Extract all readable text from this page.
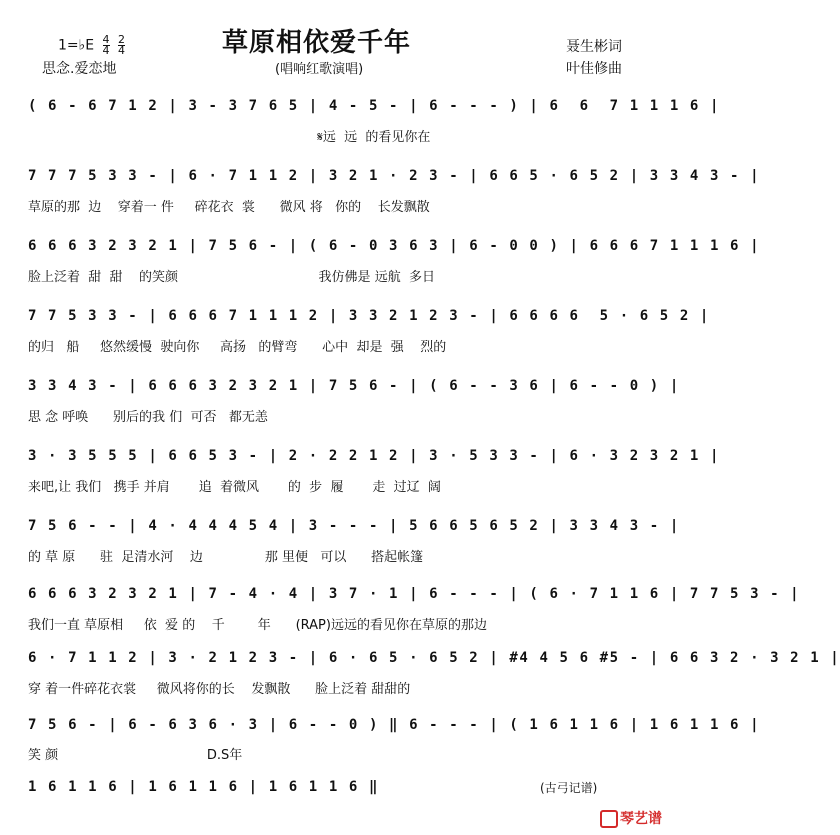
1=♭E $\frac{4}{4}$
$\frac{2}{4}$
思念.爱恋地
草原相依爱千年
(唱响红歌演唱)
聂生彬词
叶佳修曲
( 6 - 6 7 1 2 | 3 - 3 7 6 5 | 4 - 5 - | 6 - - - ) | 6  6  7 1 1 1 6 |
𝄋远  远  的看见你在
7 7 7 5 3 3 - | 6 · 7 1 1 2 | 3 2 1 · 2 3 - | 6 6 5 · 6 5 2 | 3 3 4 3 - |
草原的那  边    穿着一 件     碎花衣  裳      微风 将   你的    长发飘散
6 6 6 3 2 3 2 1 | 7 5 6 - | ( 6 - 0 3 6 3 | 6 - 0 0 ) | 6 6 6 7 1 1 1 6 |
脸上泛着  甜  甜    的笑颜                                  我仿佛是 远航  多日
7 7 5 3 3 - | 6 6 6 7 1 1 1 2 | 3 3 2 1 2 3 - | 6 6 6 6  5 · 6 5 2 |
的归   船     悠然缓慢  驶向你     高扬   的臂弯      心中  却是  强    烈的
3 3 4 3 - | 6 6 6 3 2 3 2 1 | 7 5 6 - | ( 6 - - 3 6 | 6 - - 0 ) |
思 念 呼唤      别后的我 们  可否   都无恙
3 · 3 5 5 5 | 6 6 5 3 - | 2 · 2 2 1 2 | 3 · 5 3 3 - | 6 · 3 2 3 2 1 |
来吧,让 我们   携手 并肩       追  着微风       的  步  履       走  过辽  阔
7 5 6 - - | 4 · 4 4 4 5 4 | 3 - - - | 5 6 6 5 6 5 2 | 3 3 4 3 - |
的 草 原      驻  足清水河    边               那 里便   可以      搭起帐篷
6 6 6 3 2 3 2 1 | 7 - 4 · 4 | 3 7 · 1 | 6 - - - | ( 6 · 7 1 1 6 | 7 7 5 3 - |
我们一直 草原相     依  爱 的    千        年      (RAP)远远的看见你在草原的那边
6 · 7 1 1 2 | 3 · 2 1 2 3 - | 6 · 6 5 · 6 5 2 | #4 4 5 6 #5 - | 6 6 3 2 · 3 2 1 |
穿 着一件碎花衣裳     微风将你的长    发飘散      脸上泛着 甜甜的
7 5 6 - | 6 - 6 3 6 · 3 | 6 - - 0 ) ‖ 6 - - - | ( 1 6 1 1 6 | 1 6 1 1 6 |
笑 颜                                    D.S年
1 6 1 1 6 | 1 6 1 1 6 | 1 6 1 1 6 ‖	(古弓记谱)
琴艺谱
